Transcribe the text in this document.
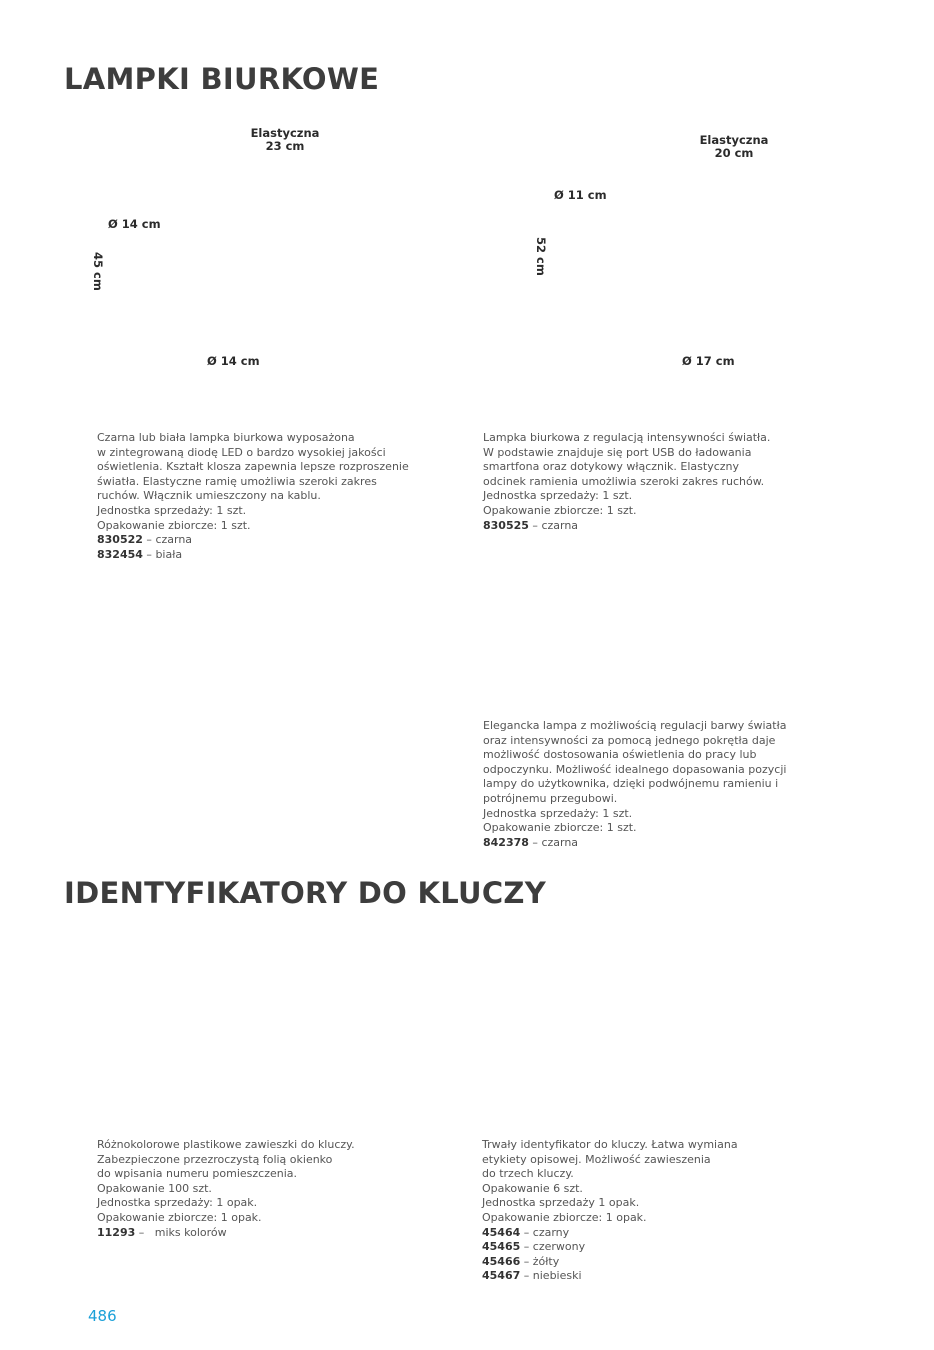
LAMPKI BIURKOWE
IDENTYFIKATORY DO KLUCZY
Elastyczna
23 cm
Ø 14 cm
45 cm
Ø 14 cm
Elastyczna
20 cm
Ø 11 cm
52 cm
Ø 17 cm

Czarna lub biała lampka biurkowa wyposażona

w zintegrowaną diodę LED o bardzo wysokiej jakości

oświetlenia. Kształt klosza zapewnia lepsze rozproszenie

światła. Elastyczne ramię umożliwia szeroki zakres

ruchów. Włącznik umieszczony na kablu.

Jednostka sprzedaży: 1 szt.

Opakowanie zbiorcze: 1 szt.

830522 – czarna

832454 – biała

Lampka biurkowa z regulacją intensywności światła.

W podstawie znajduje się port USB do ładowania

smartfona oraz dotykowy włącznik. Elastyczny

odcinek ramienia umożliwia szeroki zakres ruchów.

Jednostka sprzedaży: 1 szt.

Opakowanie zbiorcze: 1 szt.

830525 – czarna

Elegancka lampa z możliwością regulacji barwy światła

oraz intensywności za pomocą jednego pokrętła daje

możliwość dostosowania oświetlenia do pracy lub

odpoczynku. Możliwość idealnego dopasowania pozycji

lampy do użytkownika, dzięki podwójnemu ramieniu i

potrójnemu przegubowi.

Jednostka sprzedaży: 1 szt.

Opakowanie zbiorcze: 1 szt.

842378 – czarna

Różnokolorowe plastikowe zawieszki do kluczy.

Zabezpieczone przezroczystą folią okienko

do wpisania numeru pomieszczenia.

Opakowanie 100 szt.

Jednostka sprzedaży: 1 opak.

Opakowanie zbiorcze: 1 opak.

11293 –   miks kolorów

Trwały identyfikator do kluczy. Łatwa wymiana

etykiety opisowej. Możliwość zawieszenia

do trzech kluczy.

Opakowanie 6 szt.

Jednostka sprzedaży 1 opak.

Opakowanie zbiorcze: 1 opak.

45464 – czarny

45465 – czerwony

45466 – żółty

45467 – niebieski

486
